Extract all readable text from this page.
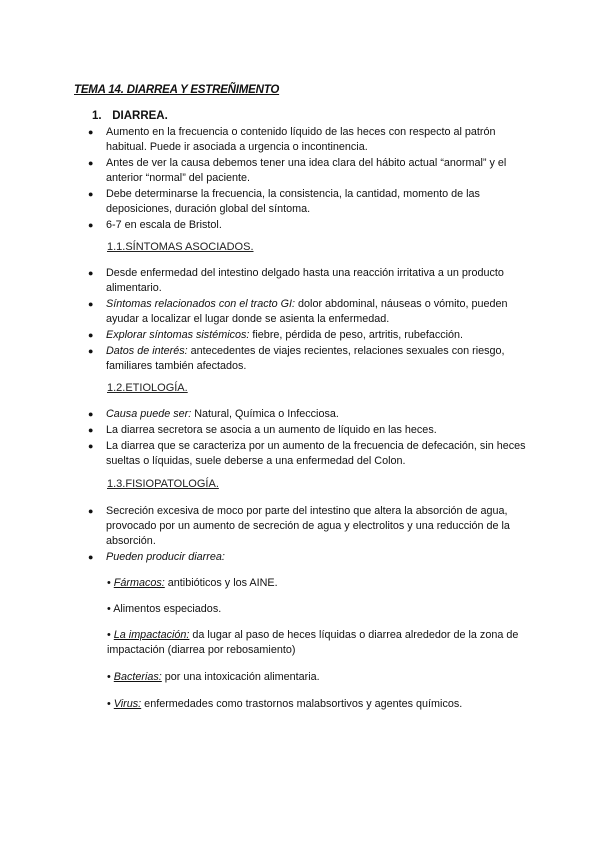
TEMA 14. DIARREA Y ESTREÑIMENTO
1. DIARREA.
● Aumento en la frecuencia o contenido líquido de las heces con respecto al patrón habitual. Puede ir asociada a urgencia o incontinencia.
● Antes de ver la causa debemos tener una idea clara del hábito actual “anormal” y el anterior “normal” del paciente.
● Debe determinarse la frecuencia, la consistencia, la cantidad, momento de las deposiciones, duración global del síntoma.
● 6-7 en escala de Bristol.
1.1.SÍNTOMAS ASOCIADOS.
● Desde enfermedad del intestino delgado hasta una reacción irritativa a un producto alimentario.
● Síntomas relacionados con el tracto GI: dolor abdominal, náuseas o vómito, pueden ayudar a localizar el lugar donde se asienta la enfermedad.
● Explorar síntomas sistémicos: fiebre, pérdida de peso, artritis, rubefacción.
● Datos de interés: antecedentes de viajes recientes, relaciones sexuales con riesgo, familiares también afectados.
1.2.ETIOLOGÍA.
● Causa puede ser: Natural, Química o Infecciosa.
● La diarrea secretora se asocia a un aumento de líquido en las heces.
● La diarrea que se caracteriza por un aumento de la frecuencia de defecación, sin heces sueltas o líquidas, suele deberse a una enfermedad del Colon.
1.3.FISIOPATOLOGÍA.
● Secreción excesiva de moco por parte del intestino que altera la absorción de agua, provocado por un aumento de secreción de agua y electrolitos y una reducción de la absorción.
● Pueden producir diarrea:
• Fármacos: antibióticos y los AINE.
• Alimentos especiados.
• La impactación: da lugar al paso de heces líquidas o diarrea alrededor de la zona de impactación (diarrea por rebosamiento)
• Bacterias: por una intoxicación alimentaria.
• Virus: enfermedades como trastornos malabsortivos y agentes químicos.
